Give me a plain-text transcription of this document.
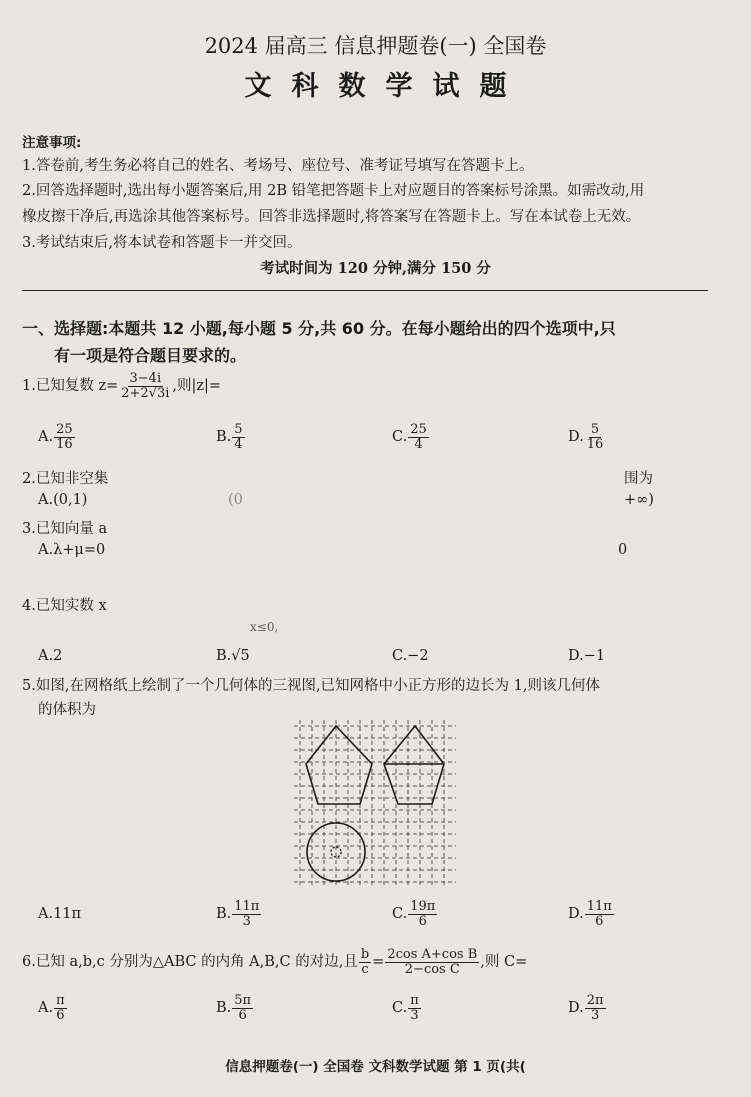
2024 届高三 信息押题卷(一) 全国卷
文科数学试题
注意事项:
1.答卷前,考生务必将自己的姓名、考场号、座位号、准考证号填写在答题卡上。
2.回答选择题时,选出每小题答案后,用 2B 铅笔把答题卡上对应题目的答案标号涂黑。如需改动,用
橡皮擦干净后,再选涂其他答案标号。回答非选择题时,将答案写在答题卡上。写在本试卷上无效。
3.考试结束后,将本试卷和答题卡一并交回。
考试时间为 120 分钟,满分 150 分
一、选择题:本题共 12 小题,每小题 5 分,共 60 分。在每小题给出的四个选项中,只
有一项是符合题目要求的。
1.已知复数 $z= \frac{3-4i}{2+2√3i}$ ,则|z|=
A. $\frac{25}{16}$	B. $\frac{5}{4}$	C. $\frac{25}{4}$	D. $\frac{5}{16}$
2.已知非空集	围为
A.(0,1)	(0	+∞)
3.已知向量 a
A.λ+μ=0	0
4.已知实数 x
x≤0,
A.2	B.√5	C.−2	D.−1
5.如图,在网格纸上绘制了一个几何体的三视图,已知网格中小正方形的边长为 1,则该几何体
的体积为
A.11π	B. $\frac{11\pi}{3}$	C. $\frac{19\pi}{6}$	D. $\frac{11\pi}{6}$
6.已知 a,b,c 分别为△ABC 的内角 A,B,C 的对边,且 $\frac{b}{c} = \frac{\text{2cos A+cos B}}{\text{2−cos C}}$ ,则 C=
A. $\frac{\pi}{6}$	B. $\frac{5\pi}{6}$	C. $\frac{\pi}{3}$	D. $\frac{2\pi}{3}$
信息押题卷(一) 全国卷 文科数学试题 第 1 页(共(
